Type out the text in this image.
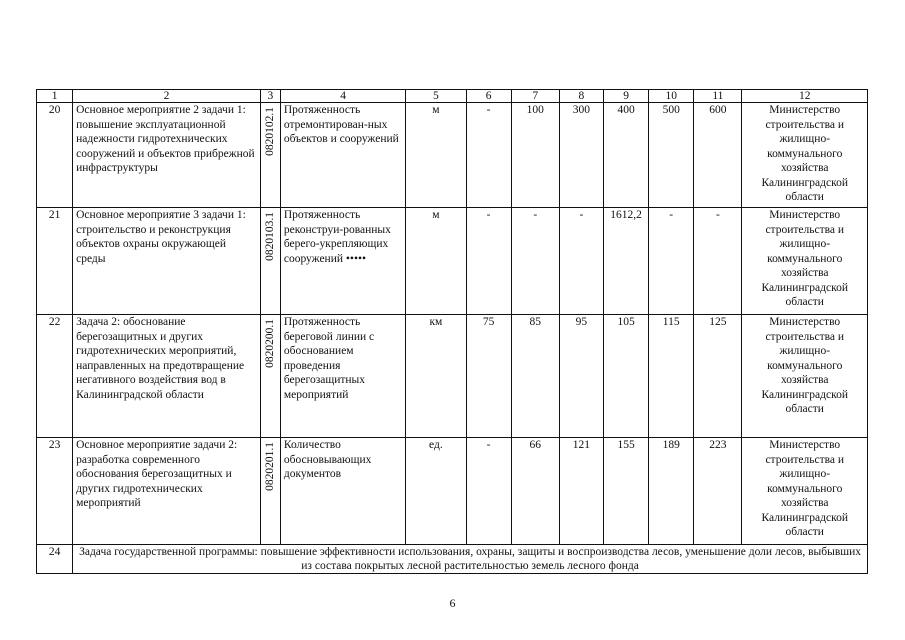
1	2	3	4	5	6	7	8	9	10	11	12
20	Основное мероприятие 2 задачи 1: повышение эксплуатационной надежности гидротехнических сооружений и объектов прибрежной инфраструктуры	0820102.1	Протяженность отремонтирован-ных объектов и сооружений	м	-	100	300	400	500	600	Министерство строительства и жилищно-коммунального хозяйства Калининградской области
21	Основное мероприятие 3 задачи 1: строительство и реконструкция объектов охраны окружающей среды	0820103.1	Протяженность реконструи-рованных берего-укрепляющих сооружений •••••	м	-	-	-	1612,2	-	-	Министерство строительства и жилищно-коммунального хозяйства Калининградской области
22	Задача 2: обоснование берегозащитных и других гидротехнических мероприятий, направленных на предотвращение негативного воздействия вод в Калининградской области	0820200.1	Протяженность береговой линии с обоснованием проведения берегозащитных мероприятий	км	75	85	95	105	115	125	Министерство строительства и жилищно-коммунального хозяйства Калининградской области
23	Основное мероприятие задачи 2: разработка современного обоснования берегозащитных и других гидротехнических мероприятий	0820201.1	Количество обосновывающих документов	ед.	-	66	121	155	189	223	Министерство строительства и жилищно-коммунального хозяйства Калининградской области
24	Задача государственной программы: повышение эффективности использования, охраны, защиты и воспроизводства лесов, уменьшение доли лесов, выбывших из состава покрытых лесной растительностью земель лесного фонда										
6
